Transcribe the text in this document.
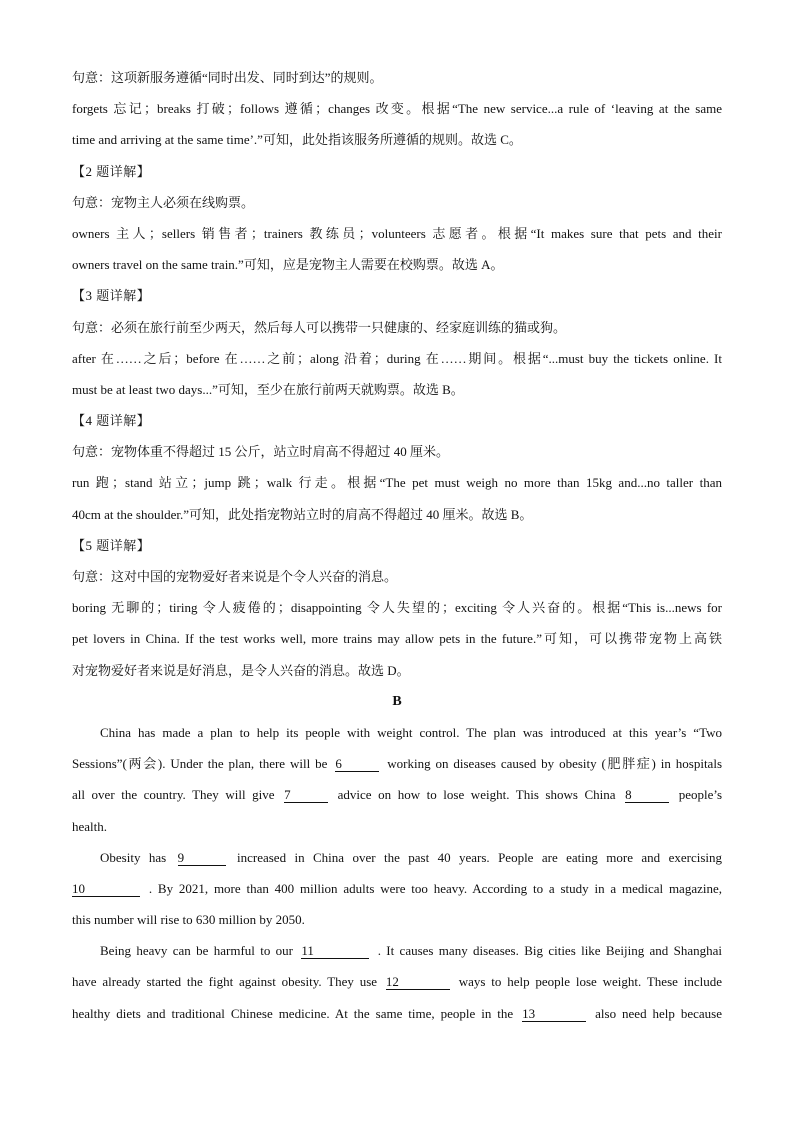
句意：这项新服务遵循“同时出发、同时到达”的规则。
forgets 忘记；breaks 打破；follows 遵循；changes 改变。根据“The new service...a rule of ‘leaving at the same
time and arriving at the same time’.”可知，此处指该服务所遵循的规则。故选 C。
【2 题详解】
句意：宠物主人必须在线购票。
owners 主人；sellers 销售者；trainers 教练员；volunteers 志愿者。根据“It makes sure that pets and their
owners travel on the same train.”可知，应是宠物主人需要在校购票。故选 A。
【3 题详解】
句意：必须在旅行前至少两天，然后每人可以携带一只健康的、经家庭训练的猫或狗。
after 在……之后；before 在……之前；along 沿着；during 在……期间。根据“...must buy the tickets online. It
must be at least two days...”可知，至少在旅行前两天就购票。故选 B。
【4 题详解】
句意：宠物体重不得超过 15 公斤，站立时肩高不得超过 40 厘米。
run 跑；stand 站立；jump 跳；walk 行走。根据“The pet must weigh no more than 15kg and...no taller than
40cm at the shoulder.”可知，此处指宠物站立时的肩高不得超过 40 厘米。故选 B。
【5 题详解】
句意：这对中国的宠物爱好者来说是个令人兴奋的消息。
boring 无聊的；tiring 令人疲倦的；disappointing 令人失望的；exciting 令人兴奋的。根据“This is...news for
pet lovers in China. If the test works well, more trains may allow pets in the future.”可知，可以携带宠物上高铁
对宠物爱好者来说是好消息，是令人兴奋的消息。故选 D。
B
China has made a plan to help its people with weight control. The plan was introduced at this year’s “Two
Sessions”(两会). Under the plan, there will be 6	working on diseases caused by obesity (肥胖症) in hospitals
all over the country. They will give 7	advice on how to lose weight. This shows China 8	people’s
health.
Obesity has 9	increased in China over the past 40 years. People are eating more and exercising
10	. By 2021, more than 400 million adults were too heavy. According to a study in a medical magazine,
this number will rise to 630 million by 2050.
Being heavy can be harmful to our 11	. It causes many diseases. Big cities like Beijing and Shanghai
have already started the fight against obesity. They use 12	ways to help people lose weight. These include
healthy diets and traditional Chinese medicine. At the same time, people in the 13	also need help because
